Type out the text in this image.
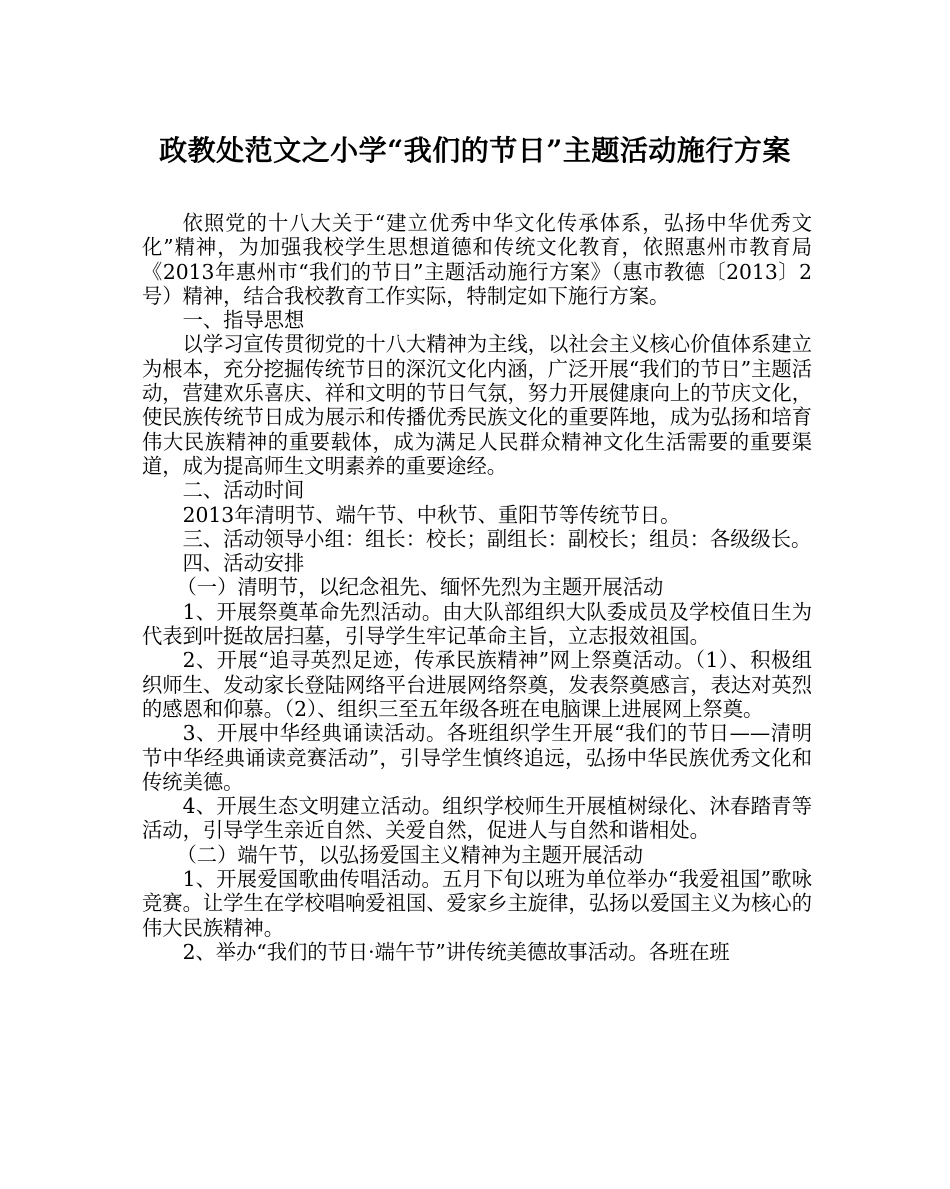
政教处范文之小学“我们的节日”主题活动施行方案

依照党的十八大关于“建立优秀中华文化传承体系，弘扬中华优秀文化”精神，为加强我校学生思想道德和传统文化教育，依照惠州市教育局《2013年惠州市“我们的节日”主题活动施行方案》（惠市教德〔2013〕2号）精神，结合我校教育工作实际，特制定如下施行方案。

一、指导思想

以学习宣传贯彻党的十八大精神为主线，以社会主义核心价值体系建立为根本，充分挖掘传统节日的深沉文化内涵，广泛开展“我们的节日”主题活动，营建欢乐喜庆、祥和文明的节日气氛，努力开展健康向上的节庆文化，使民族传统节日成为展示和传播优秀民族文化的重要阵地，成为弘扬和培育伟大民族精神的重要载体，成为满足人民群众精神文化生活需要的重要渠道，成为提高师生文明素养的重要途经。

二、活动时间

2013年清明节、端午节、中秋节、重阳节等传统节日。

三、活动领导小组：组长：校长；副组长：副校长；组员：各级级长。

四、活动安排

（一）清明节，以纪念祖先、缅怀先烈为主题开展活动

1、开展祭奠革命先烈活动。由大队部组织大队委成员及学校值日生为代表到叶挺故居扫墓，引导学生牢记革命主旨，立志报效祖国。

2、开展“追寻英烈足迹，传承民族精神”网上祭奠活动。（1）、积极组织师生、发动家长登陆网络平台进展网络祭奠，发表祭奠感言，表达对英烈的感恩和仰慕。（2）、组织三至五年级各班在电脑课上进展网上祭奠。

3、开展中华经典诵读活动。各班组织学生开展“我们的节日——清明节中华经典诵读竞赛活动”，引导学生慎终追远，弘扬中华民族优秀文化和传统美德。

4、开展生态文明建立活动。组织学校师生开展植树绿化、沐春踏青等活动，引导学生亲近自然、关爱自然，促进人与自然和谐相处。

（二）端午节，以弘扬爱国主义精神为主题开展活动

1、开展爱国歌曲传唱活动。五月下旬以班为单位举办“我爱祖国”歌咏竞赛。让学生在学校唱响爱祖国、爱家乡主旋律，弘扬以爱国主义为核心的伟大民族精神。

2、举办“我们的节日·端午节”讲传统美德故事活动。各班在班
